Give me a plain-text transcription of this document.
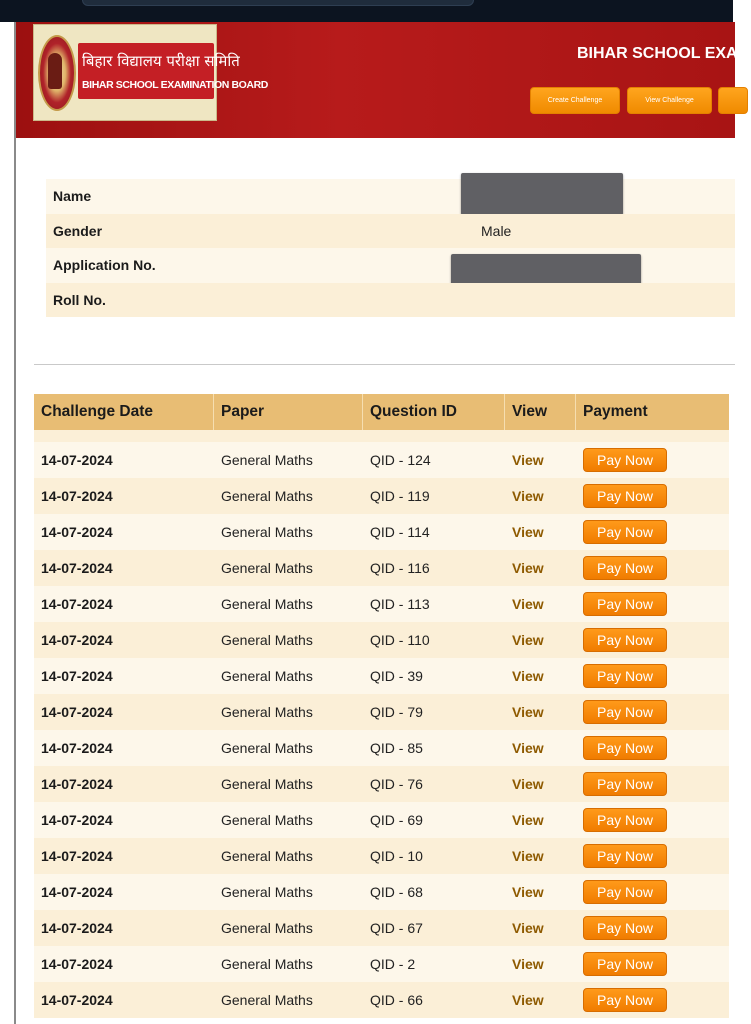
बिहार विद्यालय परीक्षा समिति
BIHAR SCHOOL EXAMINATION BOARD
BIHAR SCHOOL EXAM
Create Challenge	View Challenge
Name
Gender	Male
Application No.
Roll No.
Challenge Date	Paper	Question ID	View	Payment
14-07-2024	General Maths	QID - 124	View	Pay Now
14-07-2024	General Maths	QID - 119	View	Pay Now
14-07-2024	General Maths	QID - 114	View	Pay Now
14-07-2024	General Maths	QID - 116	View	Pay Now
14-07-2024	General Maths	QID - 113	View	Pay Now
14-07-2024	General Maths	QID - 110	View	Pay Now
14-07-2024	General Maths	QID - 39	View	Pay Now
14-07-2024	General Maths	QID - 79	View	Pay Now
14-07-2024	General Maths	QID - 85	View	Pay Now
14-07-2024	General Maths	QID - 76	View	Pay Now
14-07-2024	General Maths	QID - 69	View	Pay Now
14-07-2024	General Maths	QID - 10	View	Pay Now
14-07-2024	General Maths	QID - 68	View	Pay Now
14-07-2024	General Maths	QID - 67	View	Pay Now
14-07-2024	General Maths	QID - 2	View	Pay Now
14-07-2024	General Maths	QID - 66	View	Pay Now
